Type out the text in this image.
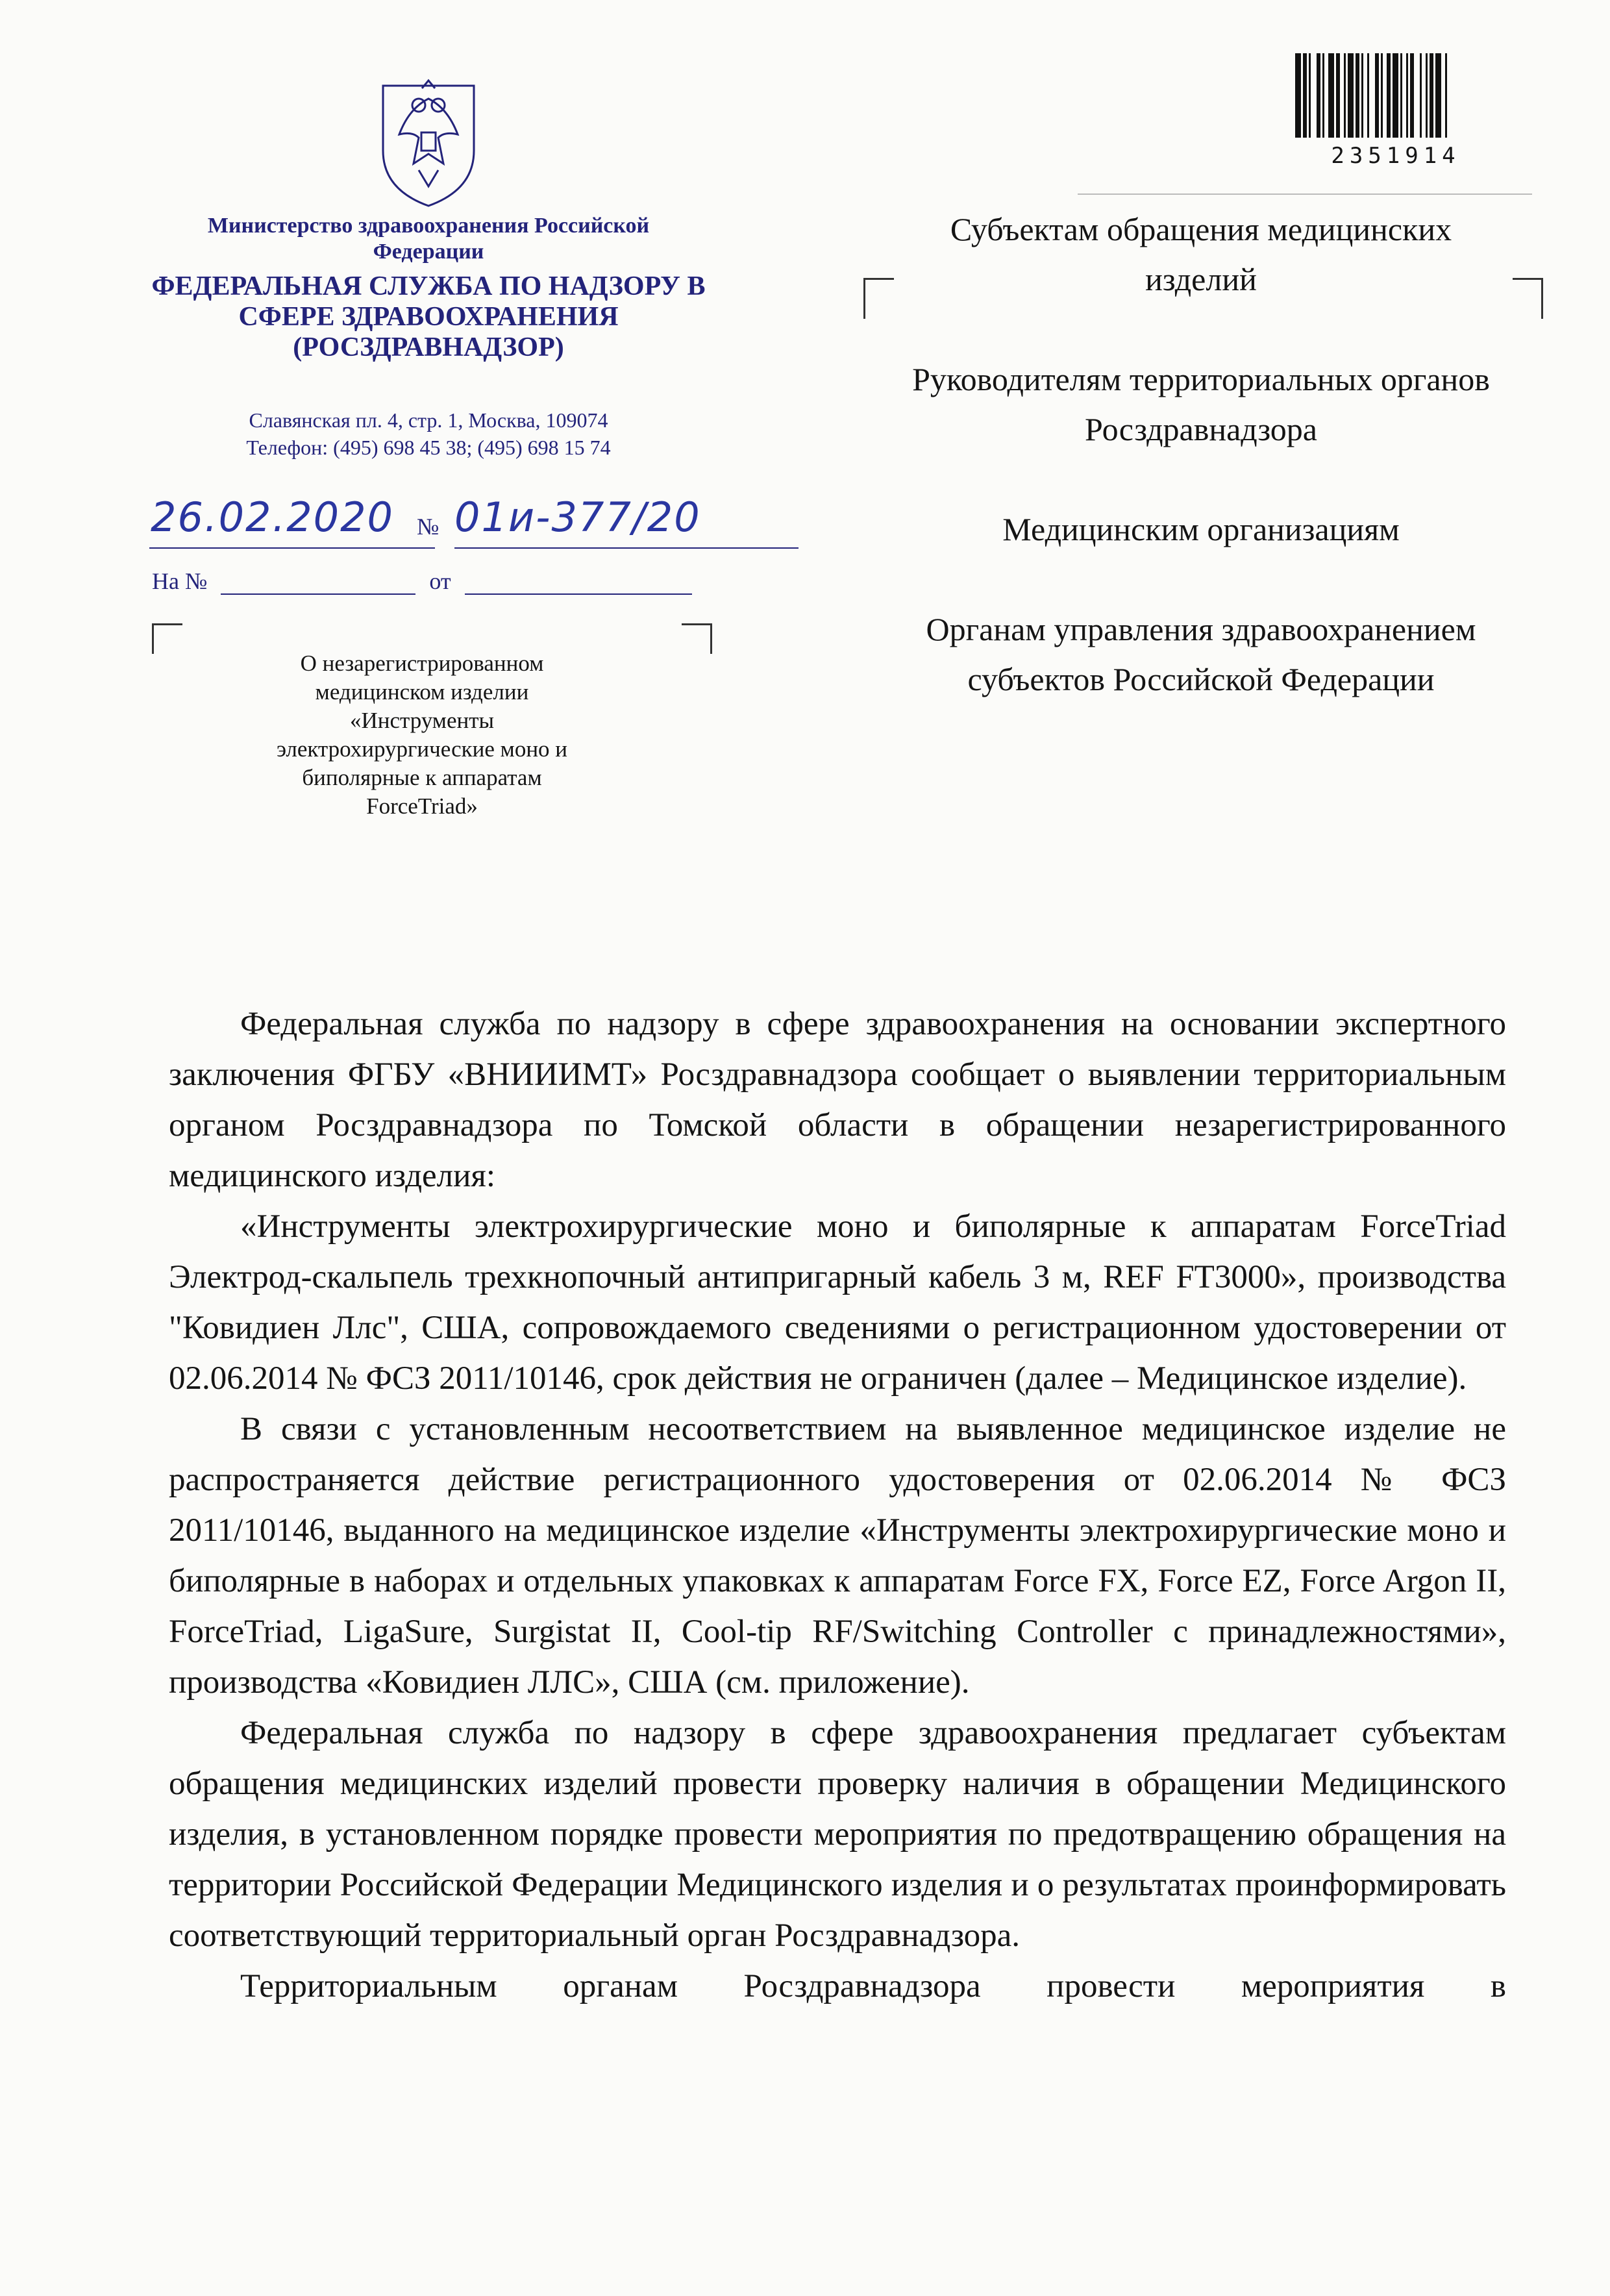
Министерство здравоохранения Российской Федерации
ФЕДЕРАЛЬНАЯ СЛУЖБА ПО НАДЗОРУ В СФЕРЕ ЗДРАВООХРАНЕНИЯ (РОСЗДРАВНАДЗОР)
Славянская пл. 4, стр. 1, Москва, 109074
Телефон: (495) 698 45 38; (495) 698 15 74
26.02.2020 № 01и-377/20
На №	от
О незарегистрированном медицинском изделии «Инструменты электрохирургические моно и биполярные к аппаратам ForceTriad»
2351914
Субъектам обращения медицинских изделий
Руководителям территориальных органов Росздравнадзора
Медицинским организациям
Органам управления здравоохранением субъектов Российской Федерации

Федеральная служба по надзору в сфере здравоохранения на основании экспертного заключения ФГБУ «ВНИИИМТ» Росздравнадзора сообщает о выявлении территориальным органом Росздравнадзора по Томской области в обращении незарегистрированного медицинского изделия:

«Инструменты электрохирургические моно и биполярные к аппаратам ForceTriad Электрод-скальпель трехкнопочный антипригарный кабель 3 м, REF FT3000», производства "Ковидиен Ллс", США, сопровождаемого сведениями о регистрационном удостоверении от 02.06.2014 № ФСЗ 2011/10146, срок действия не ограничен (далее – Медицинское изделие).

В связи с установленным несоответствием на выявленное медицинское изделие не распространяется действие регистрационного удостоверения от 02.06.2014 № ФСЗ 2011/10146, выданного на медицинское изделие «Инструменты электрохирургические моно и биполярные в наборах и отдельных упаковках к аппаратам Force FX, Force EZ, Force Argon II, ForceTriad, LigaSure, Surgistat II, Cool-tip RF/Switching Controller с принадлежностями», производства «Ковидиен ЛЛС», США (см. приложение).

Федеральная служба по надзору в сфере здравоохранения предлагает субъектам обращения медицинских изделий провести проверку наличия в обращении Медицинского изделия, в установленном порядке провести мероприятия по предотвращению обращения на территории Российской Федерации Медицинского изделия и о результатах проинформировать соответствующий территориальный орган Росздравнадзора.

Территориальным органам Росздравнадзора провести мероприятия в
